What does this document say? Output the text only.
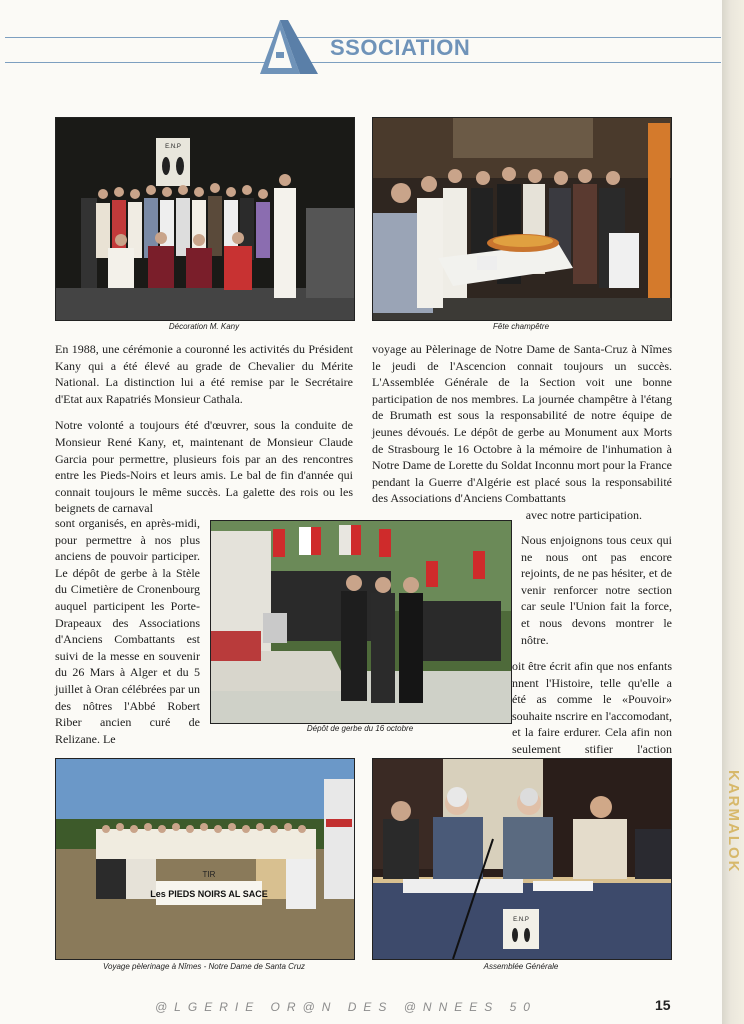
SSOCIATION
E.N.P
Décoration M. Kany	Fête champêtre

En 1988, une cérémonie a couronné les activités du Président Kany qui a été élevé au grade de Chevalier du Mérite National. La distinction lui a été remise par le Secrétaire d'Etat aux Rapatriés Monsieur Cathala.

Notre volonté a toujours été d'œuvrer, sous la conduite de Monsieur René Kany, et, maintenant de Monsieur Claude Garcia pour permettre, plusieurs fois par an des rencontres entre les Pieds-Noirs et leurs amis. Le bal de fin d'année qui connait toujours le même succès. La galette des rois ou les beignets de carnaval

sont organisés, en après-midi, pour permettre à nos plus anciens de pouvoir participer. Le dépôt de gerbe à la Stèle du Cimetière de Cronenbourg auquel participent les Porte-Drapeaux des Associations d'Anciens Combattants est suivi de la messe en souvenir du 26 Mars à Alger et du 5 juillet à Oran célébrées par un des nôtres l'Abbé Robert Riber ancien curé de Relizane. Le

voyage au Pèlerinage de Notre Dame de Santa-Cruz à Nîmes le jeudi de l'Ascencion connait toujours un succès. L'Assemblée Générale de la Section voit une bonne participation de nos membres. La journée champêtre à l'étang de Brumath est sous la responsabilité de notre équipe de jeunes dévoués. Le dépôt de gerbe au Monument aux Morts de Strasbourg le 16 Octobre à la mémoire de l'inhumation à Notre Dame de Lorette du Soldat Inconnu mort pour la France pendant la Guerre d'Algérie est placé sous la responsabilité des Associations d'Anciens Combattants

avec notre participation.

Nous enjoignons tous ceux qui ne nous ont pas encore rejoints, de ne pas hésiter, et de venir renforcer notre section car seule l'Union fait la force, et nous devons montrer le nôtre.
oit être écrit afin que nos enfants nnent l'Histoire, telle qu'elle a été as comme le «Pouvoir» souhaite nscrire en l'accomodant, et la faire erdurer. Cela afin non seulement stifier l'action
Dépôt de gerbe du 16 octobre
TIR
Les PIEDS NOIRS AL SACE
Voyage pèlerinage à Nîmes - Notre Dame de Santa Cruz
E.N.P
Assemblée Générale
@LGERIE OR@N DES @NNEES 50	15
KARMALOK
